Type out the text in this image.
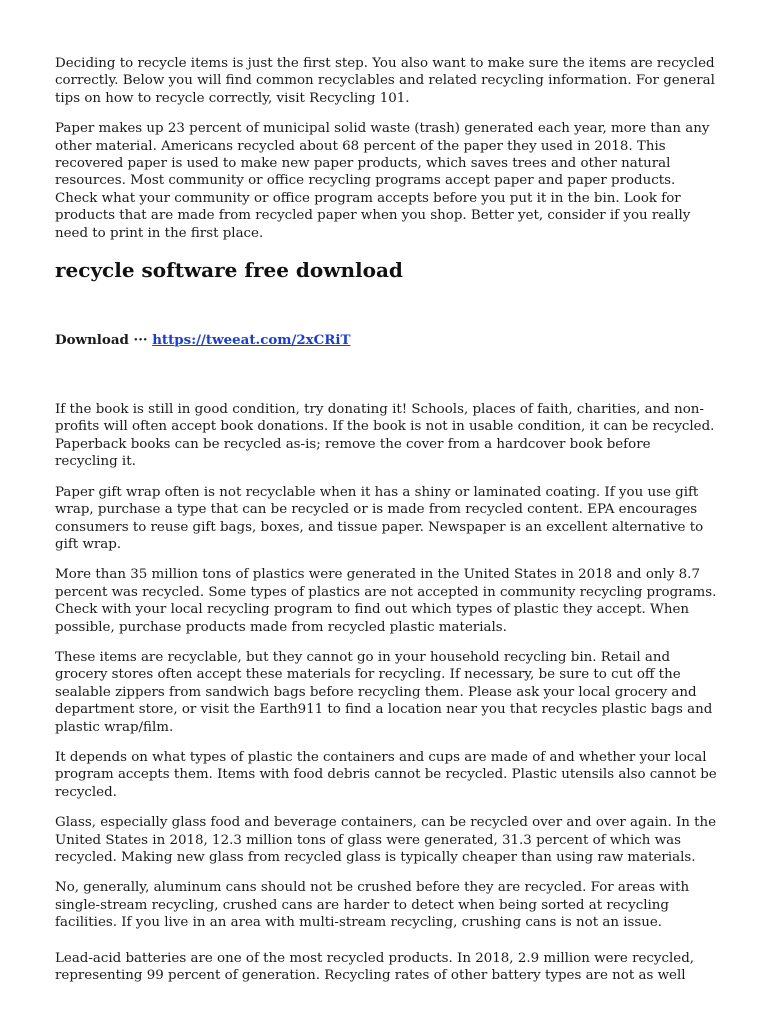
Deciding to recycle items is just the first step. You also want to make sure the items are recycled correctly. Below you will find common recyclables and related recycling information. For general tips on how to recycle correctly, visit Recycling 101.

Paper makes up 23 percent of municipal solid waste (trash) generated each year, more than any other material. Americans recycled about 68 percent of the paper they used in 2018. This recovered paper is used to make new paper products, which saves trees and other natural resources. Most community or office recycling programs accept paper and paper products. Check what your community or office program accepts before you put it in the bin. Look for products that are made from recycled paper when you shop. Better yet, consider if you really need to print in the first place.

recycle software free download
Download ··· https://tweeat.com/2xCRiT

If the book is still in good condition, try donating it! Schools, places of faith, charities, and non-profits will often accept book donations. If the book is not in usable condition, it can be recycled. Paperback books can be recycled as-is; remove the cover from a hardcover book before recycling it.

Paper gift wrap often is not recyclable when it has a shiny or laminated coating. If you use gift wrap, purchase a type that can be recycled or is made from recycled content. EPA encourages consumers to reuse gift bags, boxes, and tissue paper. Newspaper is an excellent alternative to gift wrap.

More than 35 million tons of plastics were generated in the United States in 2018 and only 8.7 percent was recycled. Some types of plastics are not accepted in community recycling programs. Check with your local recycling program to find out which types of plastic they accept. When possible, purchase products made from recycled plastic materials.

These items are recyclable, but they cannot go in your household recycling bin. Retail and grocery stores often accept these materials for recycling. If necessary, be sure to cut off the sealable zippers from sandwich bags before recycling them. Please ask your local grocery and department store, or visit the Earth911 to find a location near you that recycles plastic bags and plastic wrap/film.

It depends on what types of plastic the containers and cups are made of and whether your local program accepts them. Items with food debris cannot be recycled. Plastic utensils also cannot be recycled.

Glass, especially glass food and beverage containers, can be recycled over and over again. In the United States in 2018, 12.3 million tons of glass were generated, 31.3 percent of which was recycled. Making new glass from recycled glass is typically cheaper than using raw materials.

No, generally, aluminum cans should not be crushed before they are recycled. For areas with single-stream recycling, crushed cans are harder to detect when being sorted at recycling facilities. If you live in an area with multi-stream recycling, crushing cans is not an issue.

Lead-acid batteries are one of the most recycled products. In 2018, 2.9 million were recycled, representing 99 percent of generation. Recycling rates of other battery types are not as well
